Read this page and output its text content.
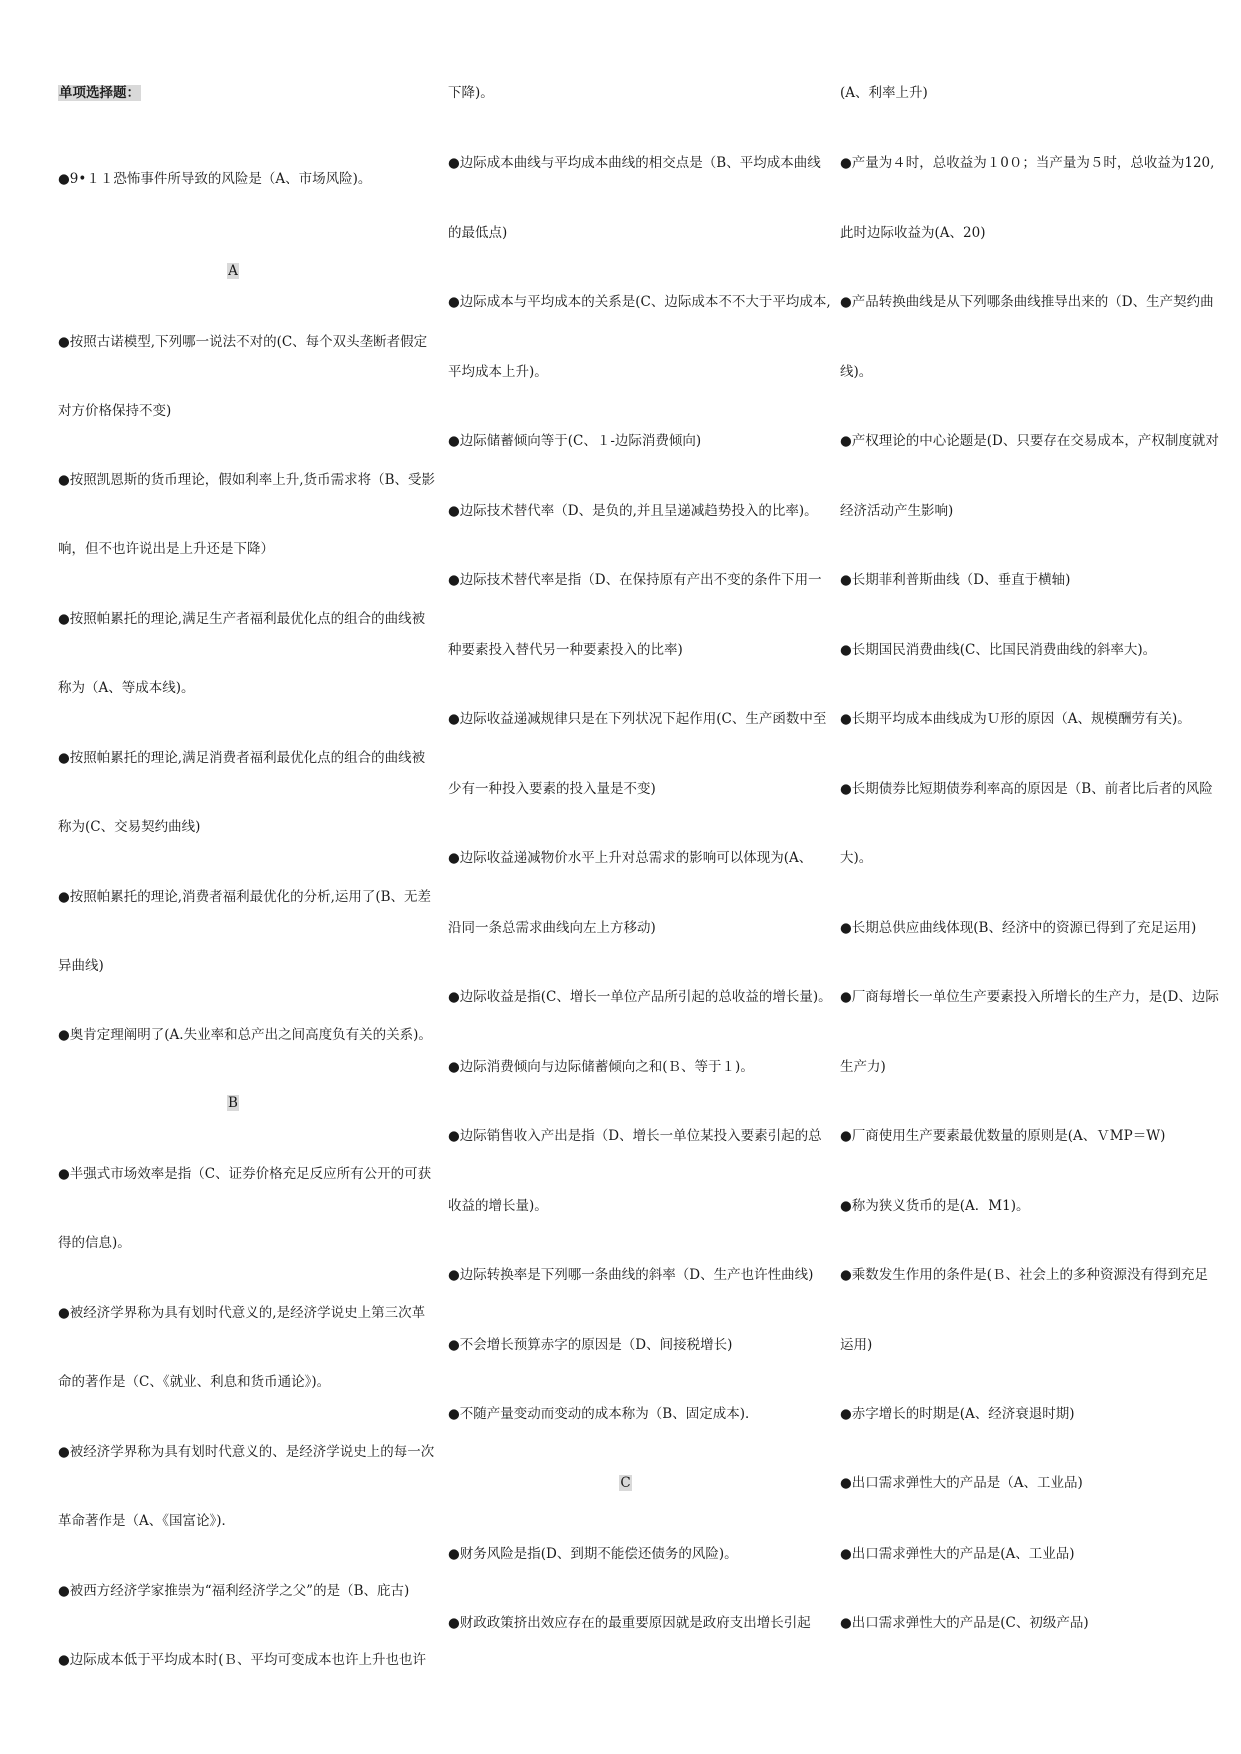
单项选择题：
●9•１１恐怖事件所导致的风险是（A、市场风险)。
A
●按照古诺模型,下列哪一说法不对的(C、每个双头垄断者假定
对方价格保持不变)
●按照凯恩斯的货币理论，假如利率上升,货币需求将（B、受影
响，但不也许说出是上升还是下降）
●按照帕累托的理论,满足生产者福利最优化点的组合的曲线被
称为（A、等成本线)。
●按照帕累托的理论,满足消费者福利最优化点的组合的曲线被
称为(C、交易契约曲线)
●按照帕累托的理论,消费者福利最优化的分析,运用了(B、无差
异曲线)
●奥肯定理阐明了(A.失业率和总产出之间高度负有关的关系)。
B
●半强式市场效率是指（C、证券价格充足反应所有公开的可获
得的信息)。
●被经济学界称为具有划时代意义的,是经济学说史上第三次革
命的著作是（C、《就业、利息和货币通论》)。
●被经济学界称为具有划时代意义的、是经济学说史上的每一次
革命著作是（A、《国富论》)．
●被西方经济学家推崇为“福利经济学之父”的是（B、庇古)
●边际成本低于平均成本时(Ｂ、平均可变成本也许上升也也许
下降)。
●边际成本曲线与平均成本曲线的相交点是（B、平均成本曲线
的最低点)
●边际成本与平均成本的关系是(C、边际成本不不大于平均成本,
平均成本上升)。
●边际储蓄倾向等于(C、１-边际消费倾向)
●边际技术替代率（D、是负的,并且呈递减趋势投入的比率)。
●边际技术替代率是指（D、在保持原有产出不变的条件下用一
种要素投入替代另一种要素投入的比率)
●边际收益递减规律只是在下列状况下起作用(C、生产函数中至
少有一种投入要素的投入量是不变)
●边际收益递减物价水平上升对总需求的影响可以体现为(A、
沿同一条总需求曲线向左上方移动)
●边际收益是指(C、增长一单位产品所引起的总收益的增长量)。
●边际消费倾向与边际储蓄倾向之和(Ｂ、等于１)。
●边际销售收入产出是指（D、增长一单位某投入要素引起的总
收益的增长量)。
●边际转换率是下列哪一条曲线的斜率（D、生产也许性曲线)
●不会增长预算赤字的原因是（D、间接税增长)
●不随产量变动而变动的成本称为（B、固定成本)．
C
●财务风险是指(D、到期不能偿还债务的风险)。
●财政政策挤出效应存在的最重要原因就是政府支出增长引起
(A、利率上升)
●产量为４时，总收益为１0０；当产量为５时，总收益为120,
此时边际收益为(A、20)
●产品转换曲线是从下列哪条曲线推导出来的（D、生产契约曲
线)。
●产权理论的中心论题是(D、只要存在交易成本，产权制度就对
经济活动产生影响)
●长期菲利普斯曲线（D、垂直于横轴)
●长期国民消费曲线(C、比国民消费曲线的斜率大)。
●长期平均成本曲线成为Ｕ形的原因（A、规模酬劳有关)。
●长期债券比短期债券利率高的原因是（B、前者比后者的风险
大)。
●长期总供应曲线体现(B、经济中的资源已得到了充足运用)
●厂商每增长一单位生产要素投入所增长的生产力，是(D、边际
生产力)
●厂商使用生产要素最优数量的原则是(A、ＶMP＝W)
●称为狭义货币的是(A．M1)。
●乘数发生作用的条件是(Ｂ、社会上的多种资源没有得到充足
运用)
●赤字增长的时期是(A、经济衰退时期)
●出口需求弹性大的产品是（A、工业品)
●出口需求弹性大的产品是(A、工业品)
●出口需求弹性大的产品是(C、初级产品)
